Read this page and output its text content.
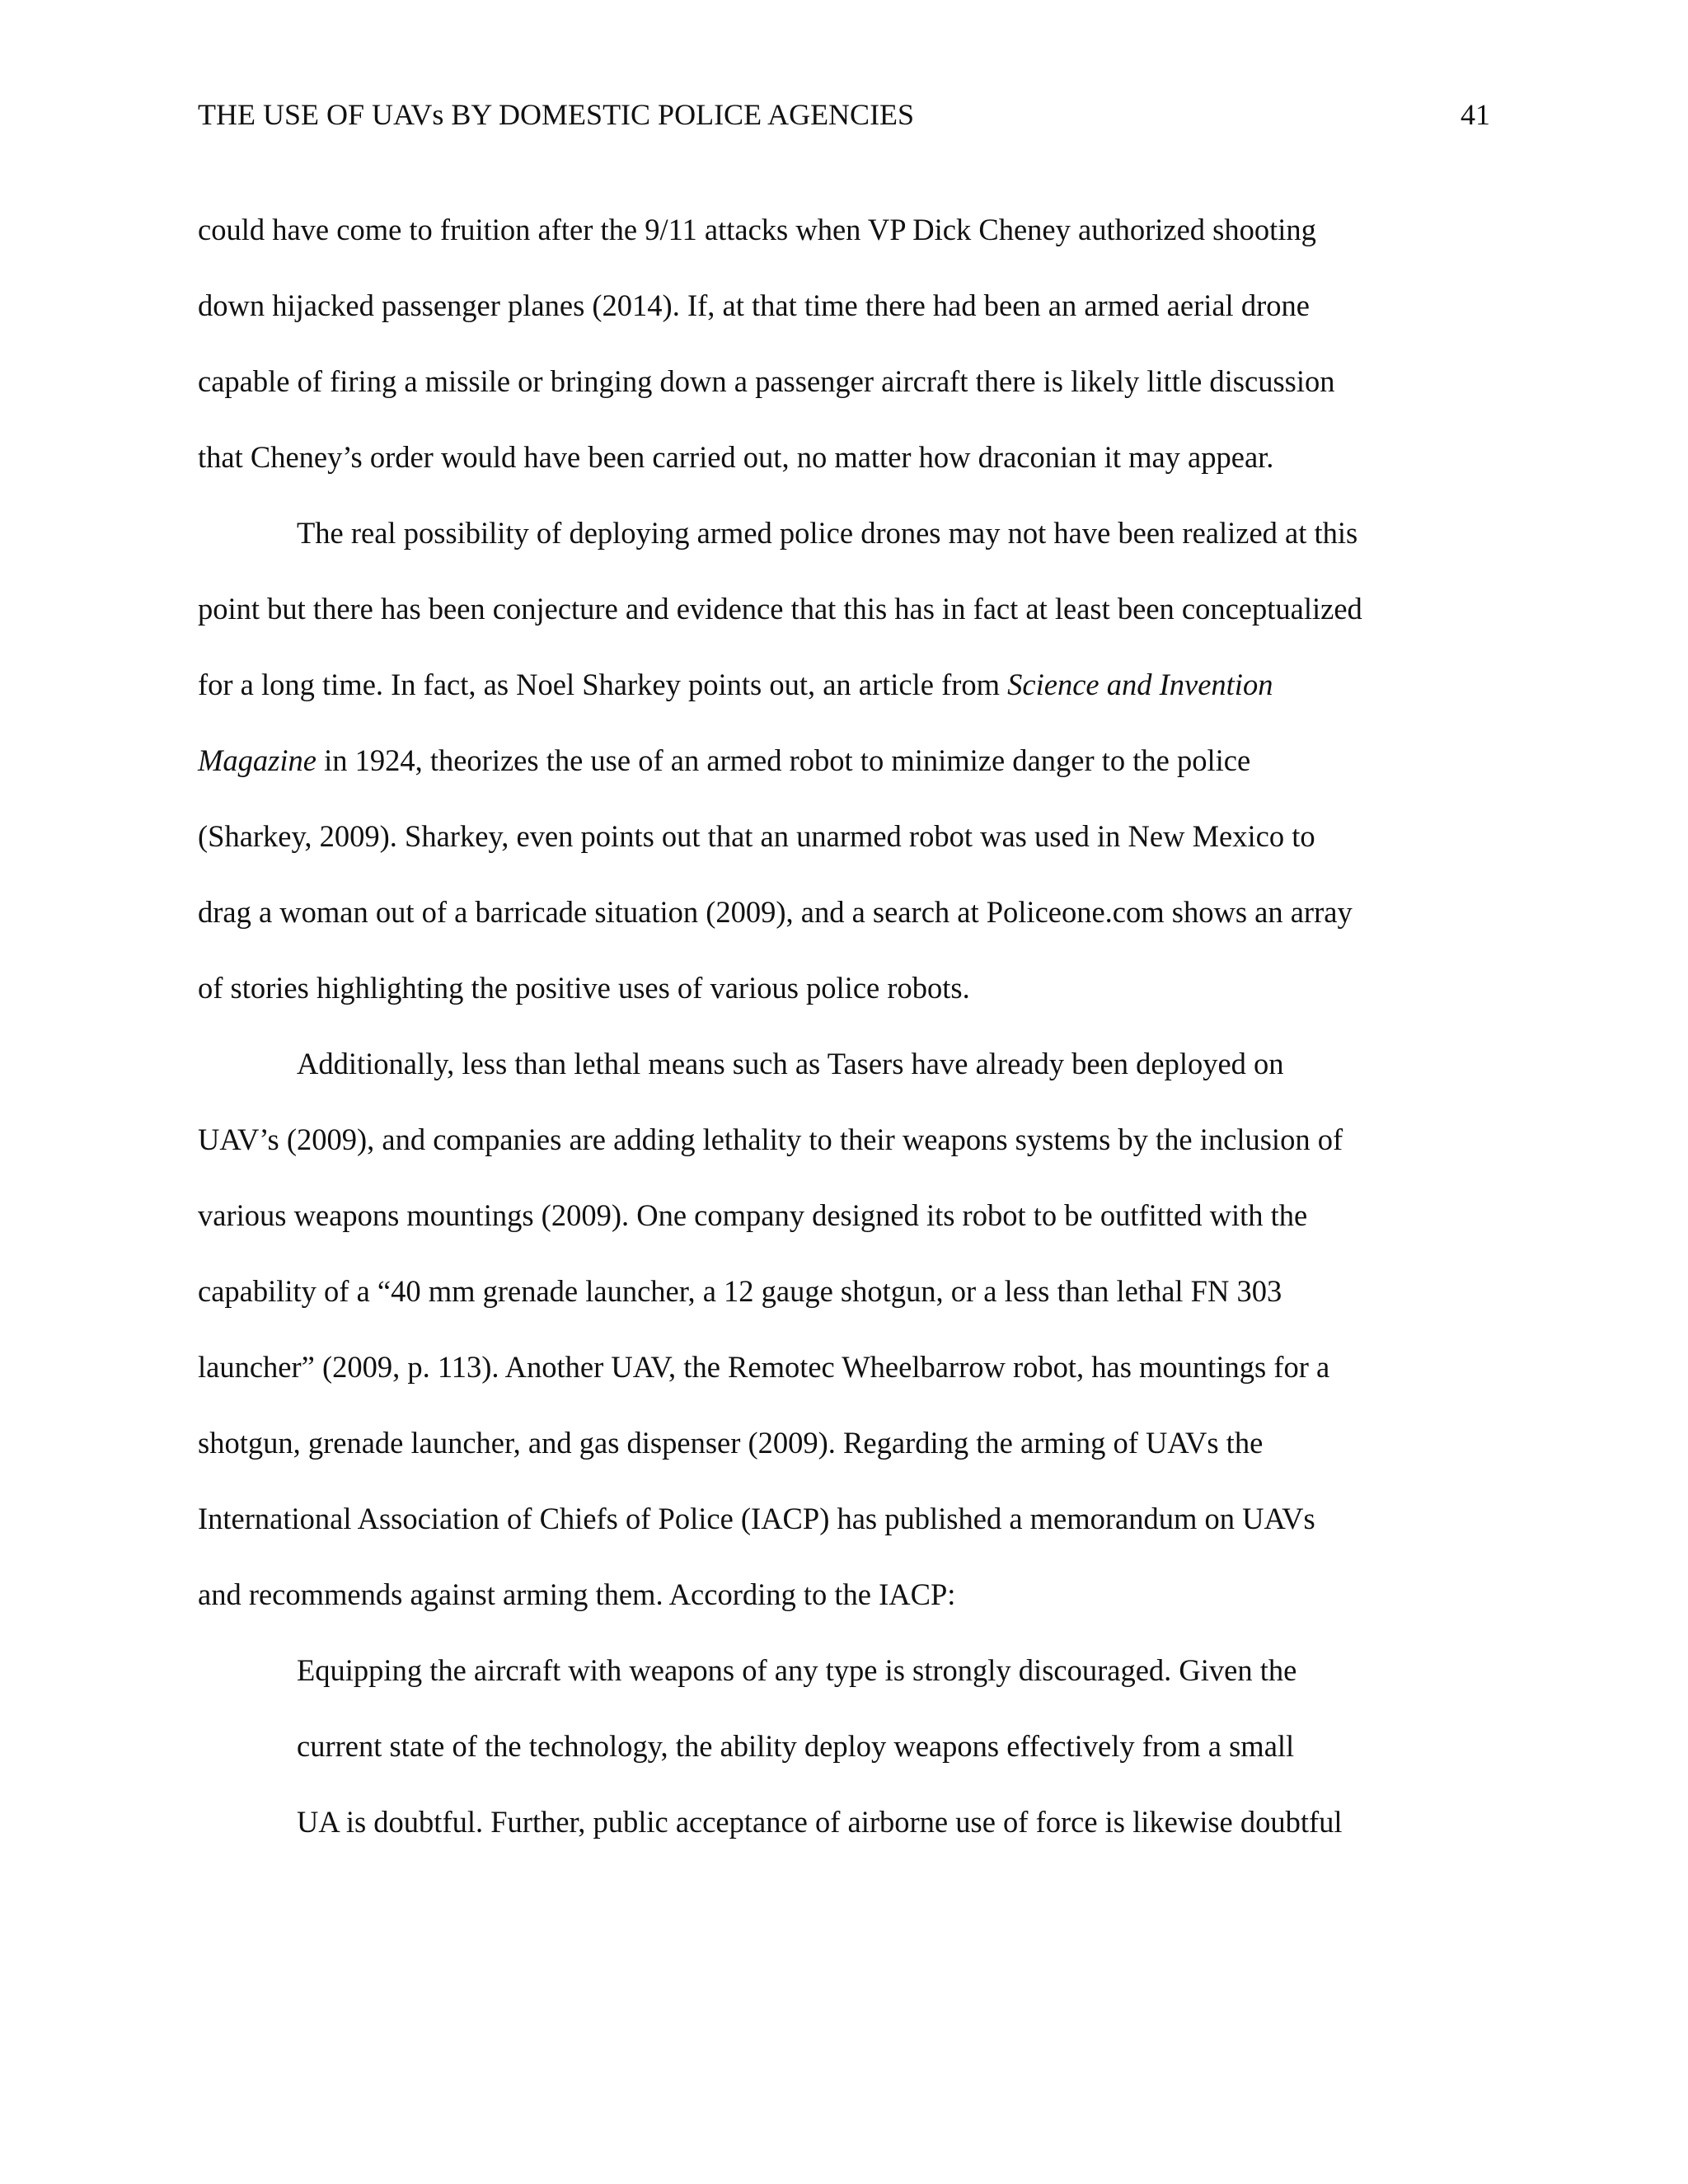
THE USE OF UAVs BY DOMESTIC POLICE AGENCIES	41
could have come to fruition after the 9/11 attacks when VP Dick Cheney authorized shooting
down hijacked passenger planes (2014). If, at that time there had been an armed aerial drone
capable of firing a missile or bringing down a passenger aircraft there is likely little discussion
that Cheney’s order would have been carried out, no matter how draconian it may appear.
The real possibility of deploying armed police drones may not have been realized at this
point but there has been conjecture and evidence that this has in fact at least been conceptualized
for a long time. In fact, as Noel Sharkey points out, an article from Science and Invention
Magazine in 1924, theorizes the use of an armed robot to minimize danger to the police
(Sharkey, 2009). Sharkey, even points out that an unarmed robot was used in New Mexico to
drag a woman out of a barricade situation (2009), and a search at Policeone.com shows an array
of stories highlighting the positive uses of various police robots.
Additionally, less than lethal means such as Tasers have already been deployed on
UAV’s (2009), and companies are adding lethality to their weapons systems by the inclusion of
various weapons mountings (2009). One company designed its robot to be outfitted with the
capability of a “40 mm grenade launcher, a 12 gauge shotgun, or a less than lethal FN 303
launcher” (2009, p. 113). Another UAV, the Remotec Wheelbarrow robot, has mountings for a
shotgun, grenade launcher, and gas dispenser (2009). Regarding the arming of UAVs the
International Association of Chiefs of Police (IACP) has published a memorandum on UAVs
and recommends against arming them. According to the IACP:
Equipping the aircraft with weapons of any type is strongly discouraged. Given the
current state of the technology, the ability deploy weapons effectively from a small
UA is doubtful. Further, public acceptance of airborne use of force is likewise doubtful
